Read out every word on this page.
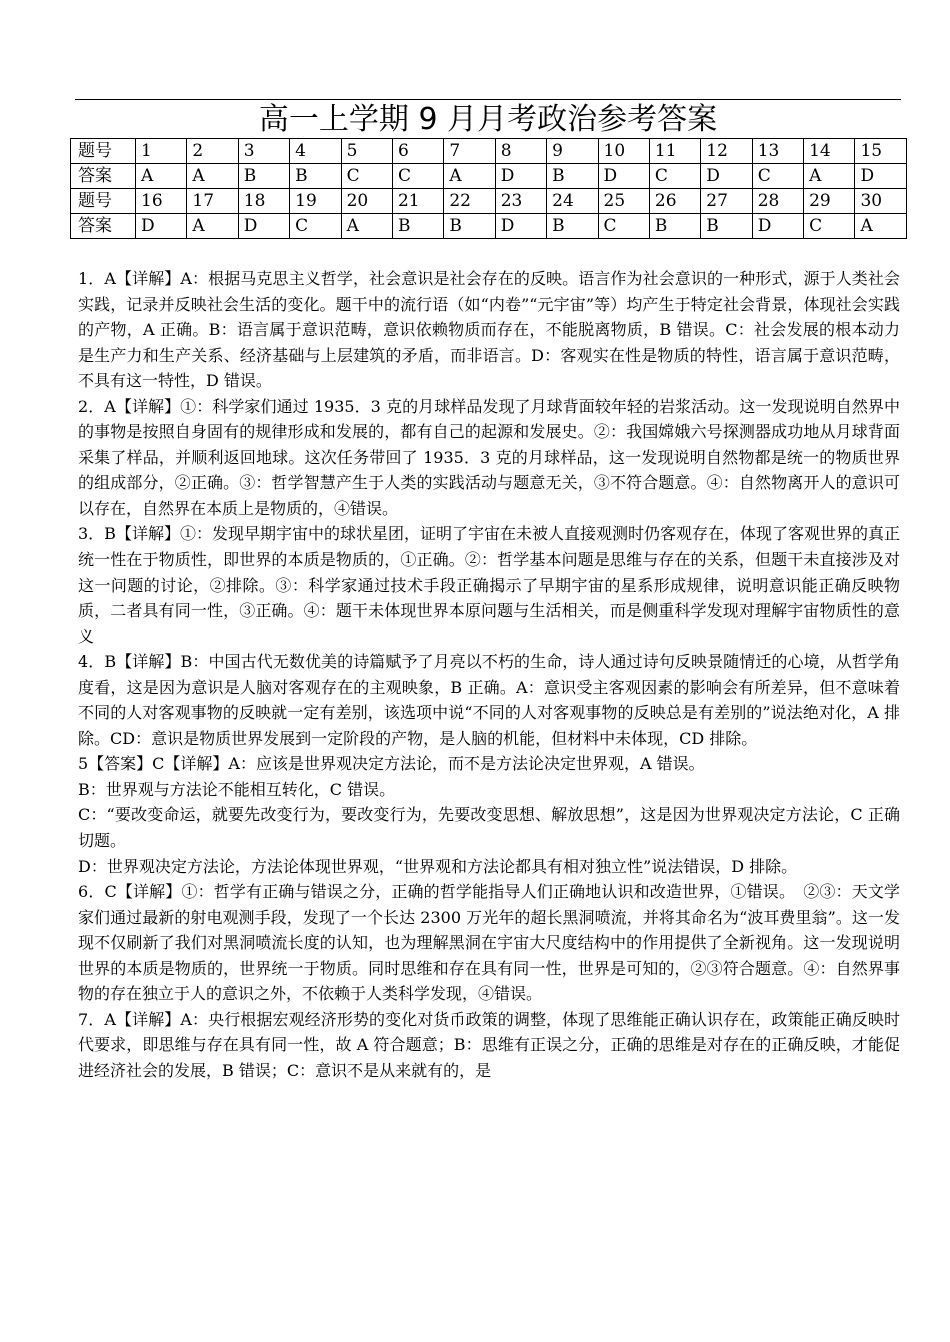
高一上学期 9 月月考政治参考答案
题号	1	2	3	4	5	6	7	8	9	10	11	12	13	14	15
答案	A	A	B	B	C	C	A	D	B	D	C	D	C	A	D
题号	16	17	18	19	20	21	22	23	24	25	26	27	28	29	30
答案	D	A	D	C	A	B	B	D	B	C	B	B	D	C	A

1．A【详解】A：根据马克思主义哲学，社会意识是社会存在的反映。语言作为社会意识的一种形式，源于人类社会实践，记录并反映社会生活的变化。题干中的流行语（如“内卷”“元宇宙”等）均产生于特定社会背景，体现社会实践的产物，A 正确。B：语言属于意识范畴，意识依赖物质而存在，不能脱离物质，B 错误。C：社会发展的根本动力是生产力和生产关系、经济基础与上层建筑的矛盾，而非语言。D：客观实在性是物质的特性，语言属于意识范畴，不具有这一特性，D 错误。

2．A【详解】①：科学家们通过 1935．3 克的月球样品发现了月球背面较年轻的岩浆活动。这一发现说明自然界中的事物是按照自身固有的规律形成和发展的，都有自己的起源和发展史。②：我国嫦娥六号探测器成功地从月球背面采集了样品，并顺利返回地球。这次任务带回了 1935．3 克的月球样品，这一发现说明自然物都是统一的物质世界的组成部分，②正确。③：哲学智慧产生于人类的实践活动与题意无关，③不符合题意。④：自然物离开人的意识可以存在，自然界在本质上是物质的，④错误。

3．B【详解】①：发现早期宇宙中的球状星团，证明了宇宙在未被人直接观测时仍客观存在，体现了客观世界的真正统一性在于物质性，即世界的本质是物质的，①正确。②：哲学基本问题是思维与存在的关系，但题干未直接涉及对这一问题的讨论，②排除。③：科学家通过技术手段正确揭示了早期宇宙的星系形成规律，说明意识能正确反映物质，二者具有同一性，③正确。④：题干未体现世界本原问题与生活相关，而是侧重科学发现对理解宇宙物质性的意义

4．B【详解】B：中国古代无数优美的诗篇赋予了月亮以不朽的生命，诗人通过诗句反映景随情迁的心境，从哲学角度看，这是因为意识是人脑对客观存在的主观映象，B 正确。A：意识受主客观因素的影响会有所差异，但不意味着不同的人对客观事物的反映就一定有差别，该选项中说“不同的人对客观事物的反映总是有差别的”说法绝对化，A 排除。CD：意识是物质世界发展到一定阶段的产物，是人脑的机能，但材料中未体现，CD 排除。

5【答案】C【详解】A：应该是世界观决定方法论，而不是方法论决定世界观，A 错误。

B：世界观与方法论不能相互转化，C 错误。

C：“要改变命运，就要先改变行为，要改变行为，先要改变思想、解放思想”，这是因为世界观决定方法论，C 正确切题。

D：世界观决定方法论，方法论体现世界观，“世界观和方法论都具有相对独立性”说法错误，D 排除。

6．C【详解】①：哲学有正确与错误之分，正确的哲学能指导人们正确地认识和改造世界，①错误。　②③：天文学家们通过最新的射电观测手段，发现了一个长达 2300 万光年的超长黑洞喷流，并将其命名为“波耳费里翁”。这一发现不仅刷新了我们对黑洞喷流长度的认知，也为理解黑洞在宇宙大尺度结构中的作用提供了全新视角。这一发现说明世界的本质是物质的，世界统一于物质。同时思维和存在具有同一性，世界是可知的，②③符合题意。④：自然界事物的存在独立于人的意识之外，不依赖于人类科学发现，④错误。

7．A【详解】A：央行根据宏观经济形势的变化对货币政策的调整，体现了思维能正确认识存在，政策能正确反映时代要求，即思维与存在具有同一性，故 A 符合题意；B：思维有正误之分，正确的思维是对存在的正确反映，才能促进经济社会的发展，B 错误；C：意识不是从来就有的，是
